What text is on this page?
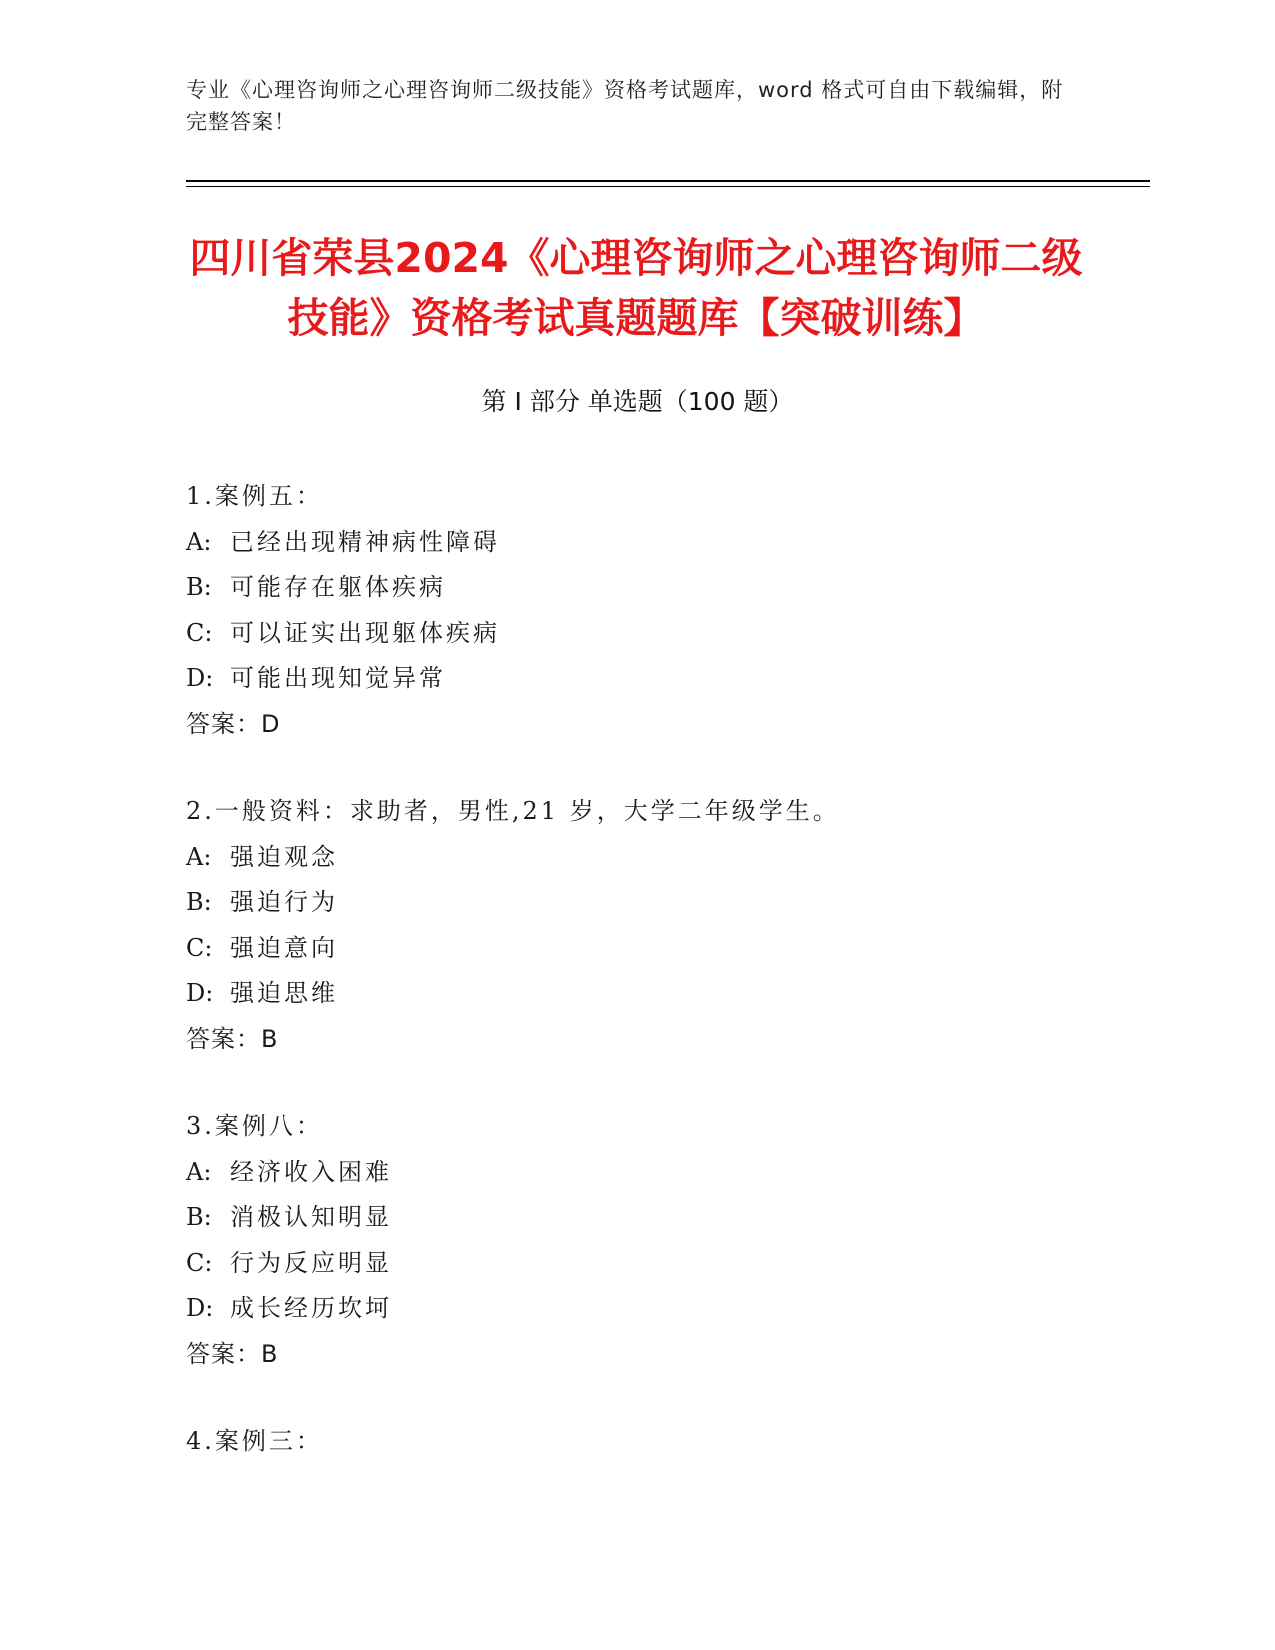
专业《心理咨询师之心理咨询师二级技能》资格考试题库，word 格式可自由下载编辑，附完整答案！
四川省荣县2024《心理咨询师之心理咨询师二级技能》资格考试真题题库【突破训练】
第 I 部分 单选题（100 题）
1.案例五：
A: 已经出现精神病性障碍
B: 可能存在躯体疾病
C: 可以证实出现躯体疾病
D: 可能出现知觉异常
答案：D
2.一般资料：求助者，男性,21 岁，大学二年级学生。
A: 强迫观念
B: 强迫行为
C: 强迫意向
D: 强迫思维
答案：B
3.案例八：
A: 经济收入困难
B: 消极认知明显
C: 行为反应明显
D: 成长经历坎坷
答案：B
4.案例三：
